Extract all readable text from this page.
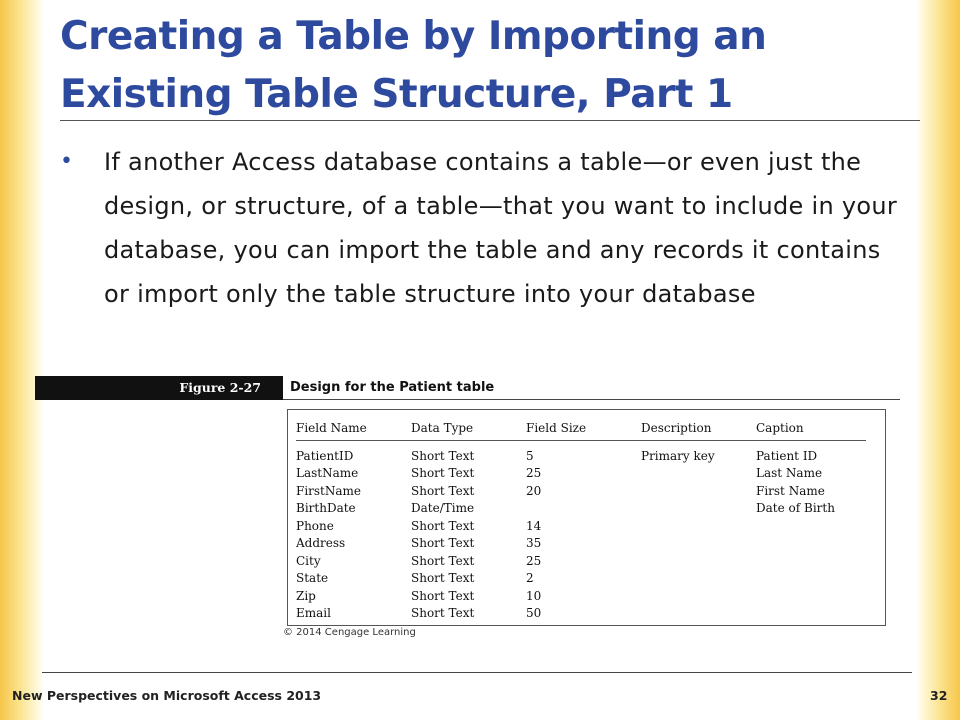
Creating a Table by Importing an Existing Table Structure, Part 1
• If another Access database contains a table—or even just the design, or structure, of a table—that you want to include in your database, you can import the table and any records it contains or import only the table structure into your database
Figure 2-27	Design for the Patient table
Field Name	Data Type	Field Size	Description	Caption
PatientID	Short Text	5	Primary key	Patient ID
LastName	Short Text	25		Last Name
FirstName	Short Text	20		First Name
BirthDate	Date/Time			Date of Birth
Phone	Short Text	14		
Address	Short Text	35		
City	Short Text	25		
State	Short Text	2		
Zip	Short Text	10		
Email	Short Text	50		
© 2014 Cengage Learning
New Perspectives on Microsoft Access 2013	32
